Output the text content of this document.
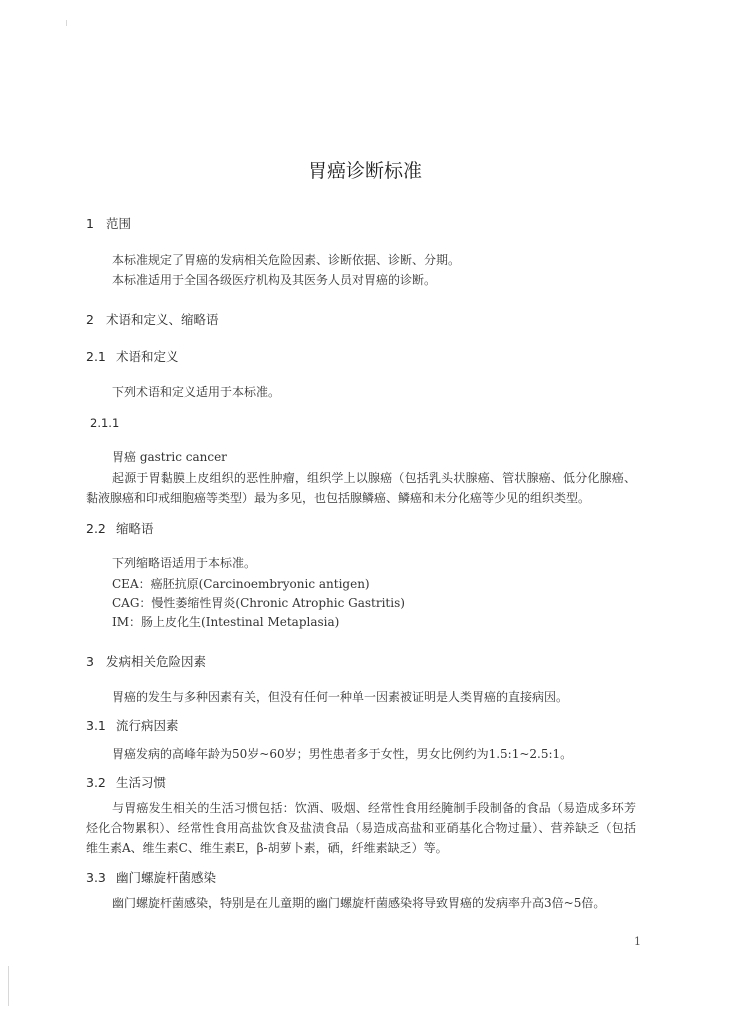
胃癌诊断标准
1 范围
本标准规定了胃癌的发病相关危险因素、诊断依据、诊断、分期。
本标准适用于全国各级医疗机构及其医务人员对胃癌的诊断。
2 术语和定义、缩略语
2.1 术语和定义
下列术语和定义适用于本标准。
2.1.1
胃癌 gastric cancer
起源于胃黏膜上皮组织的恶性肿瘤，组织学上以腺癌（包括乳头状腺癌、管状腺癌、低分化腺癌、黏液腺癌和印戒细胞癌等类型）最为多见，也包括腺鳞癌、鳞癌和未分化癌等少见的组织类型。
2.2 缩略语
下列缩略语适用于本标准。
CEA：癌胚抗原(Carcinoembryonic antigen)
CAG：慢性萎缩性胃炎(Chronic Atrophic Gastritis)
IM：肠上皮化生(Intestinal Metaplasia)
3 发病相关危险因素
胃癌的发生与多种因素有关，但没有任何一种单一因素被证明是人类胃癌的直接病因。
3.1 流行病因素
胃癌发病的高峰年龄为50岁~60岁；男性患者多于女性，男女比例约为1.5:1~2.5:1。
3.2 生活习惯
与胃癌发生相关的生活习惯包括：饮酒、吸烟、经常性食用经腌制手段制备的食品（易造成多环芳烃化合物累积）、经常性食用高盐饮食及盐渍食品（易造成高盐和亚硝基化合物过量）、营养缺乏（包括维生素A、维生素C、维生素E，β-胡萝卜素，硒，纤维素缺乏）等。
3.3 幽门螺旋杆菌感染
幽门螺旋杆菌感染，特别是在儿童期的幽门螺旋杆菌感染将导致胃癌的发病率升高3倍~5倍。
1
